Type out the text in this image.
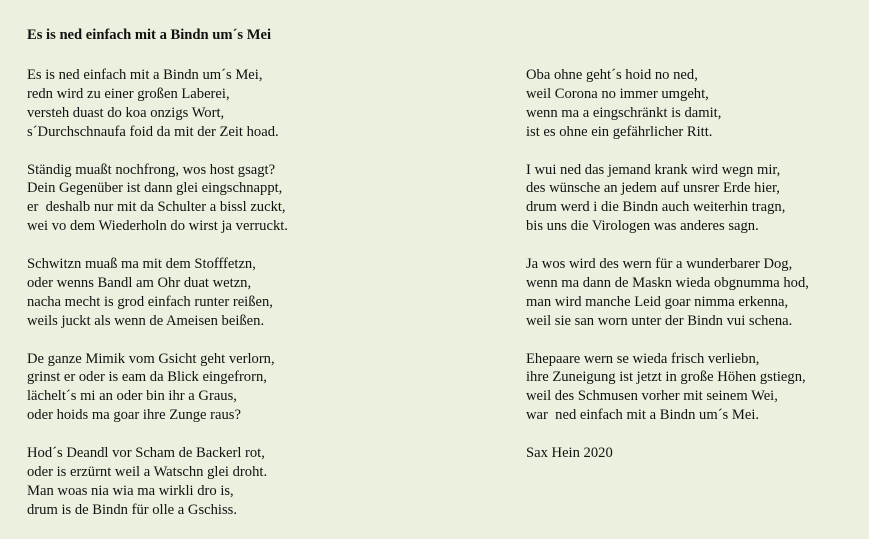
Es is ned einfach mit a Bindn um´s Mei
Es is ned einfach mit a Bindn um´s Mei,
redn wird zu einer großen Laberei,
versteh duast do koa onzigs Wort,
s´Durchschnaufa foid da mit der Zeit hoad.
Ständig muaßt nochfrong, wos host gsagt?
Dein Gegenüber ist dann glei eingschnappt,
er  deshalb nur mit da Schulter a bissl zuckt,
wei vo dem Wiederholn do wirst ja verruckt.
Schwitzn muaß ma mit dem Stofffetzn,
oder wenns Bandl am Ohr duat wetzn,
nacha mecht is grod einfach runter reißen,
weils juckt als wenn de Ameisen beißen.
De ganze Mimik vom Gsicht geht verlorn,
grinst er oder is eam da Blick eingefrorn,
lächelt´s mi an oder bin ihr a Graus,
oder hoids ma goar ihre Zunge raus?
Hod´s Deandl vor Scham de Backerl rot,
oder is erzürnt weil a Watschn glei droht.
Man woas nia wia ma wirkli dro is,
drum is de Bindn für olle a Gschiss.
Oba ohne geht´s hoid no ned,
weil Corona no immer umgeht,
wenn ma a eingschränkt is damit,
ist es ohne ein gefährlicher Ritt.
I wui ned das jemand krank wird wegn mir,
des wünsche an jedem auf unsrer Erde hier,
drum werd i die Bindn auch weiterhin tragn,
bis uns die Virologen was anderes sagn.
Ja wos wird des wern für a wunderbarer Dog,
wenn ma dann de Maskn wieda obgnumma hod,
man wird manche Leid goar nimma erkenna,
weil sie san worn unter der Bindn vui schena.
Ehepaare wern se wieda frisch verliebn,
ihre Zuneigung ist jetzt in große Höhen gstiegn,
weil des Schmusen vorher mit seinem Wei,
war  ned einfach mit a Bindn um´s Mei.
Sax Hein 2020
